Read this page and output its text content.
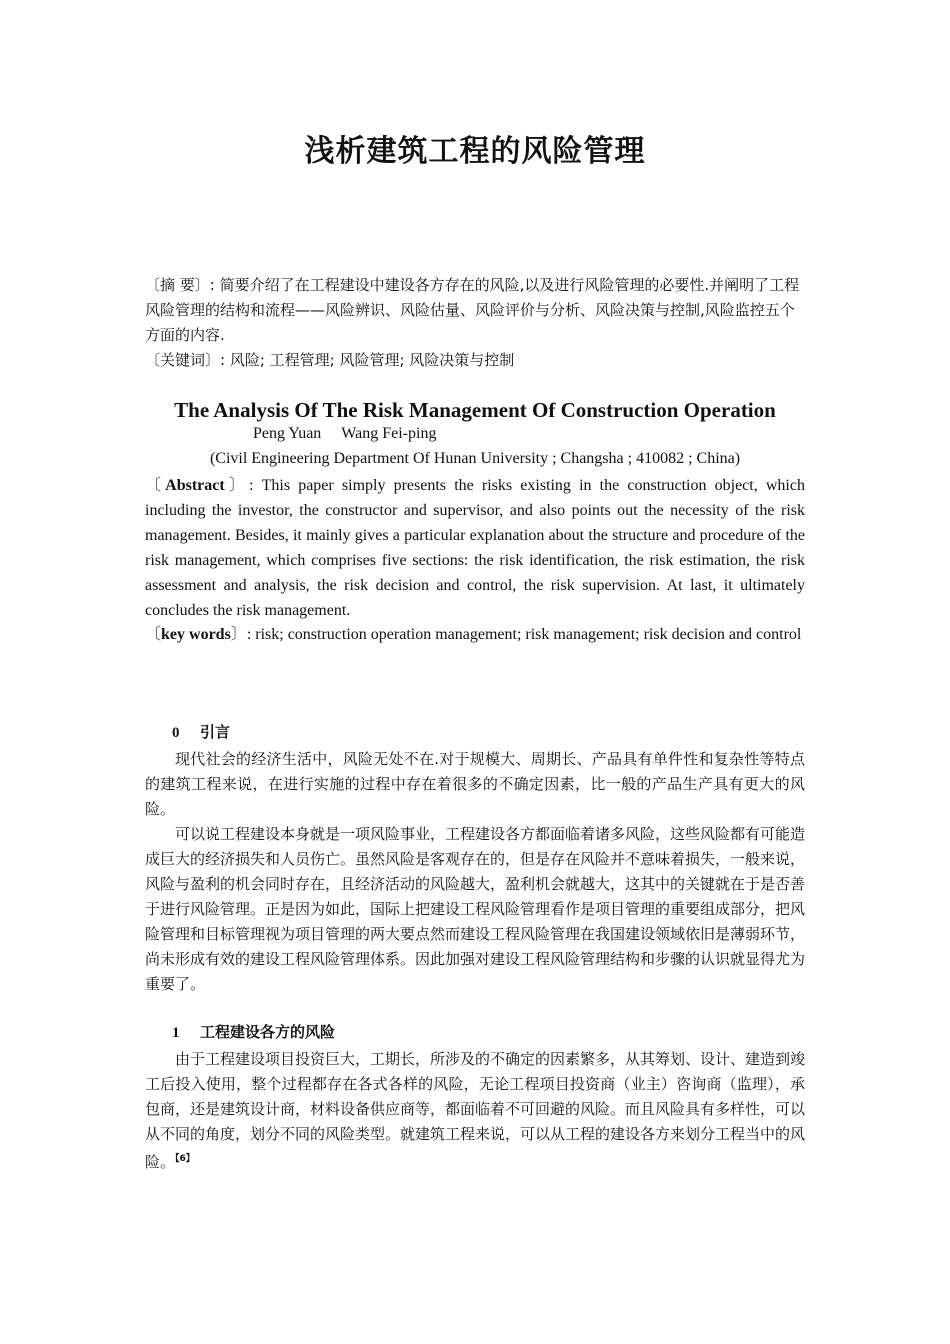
浅析建筑工程的风险管理
〔摘 要〕: 简要介绍了在工程建设中建设各方存在的风险,以及进行风险管理的必要性.并阐明了工程风险管理的结构和流程——风险辨识、风险估量、风险评价与分析、风险决策与控制,风险监控五个方面的内容.
〔关键词〕: 风险; 工程管理; 风险管理; 风险决策与控制
The Analysis Of The Risk Management Of Construction Operation
Peng Yuan Wang Fei-ping
(Civil Engineering Department Of Hunan University ; Changsha ; 410082 ; China)
〔Abstract〕: This paper simply presents the risks existing in the construction object, which including the investor, the constructor and supervisor, and also points out the necessity of the risk management. Besides, it mainly gives a particular explanation about the structure and procedure of the risk management, which comprises five sections: the risk identification, the risk estimation, the risk assessment and analysis, the risk decision and control, the risk supervision. At last, it ultimately concludes the risk management.
〔key words〕: risk; construction operation management; risk management; risk decision and control
0 引言
现代社会的经济生活中，风险无处不在.对于规模大、周期长、产品具有单件性和复杂性等特点的建筑工程来说，在进行实施的过程中存在着很多的不确定因素，比一般的产品生产具有更大的风险。
可以说工程建设本身就是一项风险事业，工程建设各方都面临着诸多风险，这些风险都有可能造成巨大的经济损失和人员伤亡。虽然风险是客观存在的，但是存在风险并不意味着损失，一般来说，风险与盈利的机会同时存在，且经济活动的风险越大，盈利机会就越大，这其中的关键就在于是否善于进行风险管理。正是因为如此，国际上把建设工程风险管理看作是项目管理的重要组成部分，把风险管理和目标管理视为项目管理的两大要点然而建设工程风险管理在我国建设领域依旧是薄弱环节，尚未形成有效的建设工程风险管理体系。因此加强对建设工程风险管理结构和步骤的认识就显得尤为重要了。
1 工程建设各方的风险
由于工程建设项目投资巨大，工期长，所涉及的不确定的因素繁多，从其筹划、设计、建造到竣工后投入使用，整个过程都存在各式各样的风险，无论工程项目投资商（业主）咨询商（监理），承包商，还是建筑设计商，材料设备供应商等，都面临着不可回避的风险。而且风险具有多样性，可以从不同的角度，划分不同的风险类型。就建筑工程来说，可以从工程的建设各方来划分工程当中的风险。$^{【6】}$
